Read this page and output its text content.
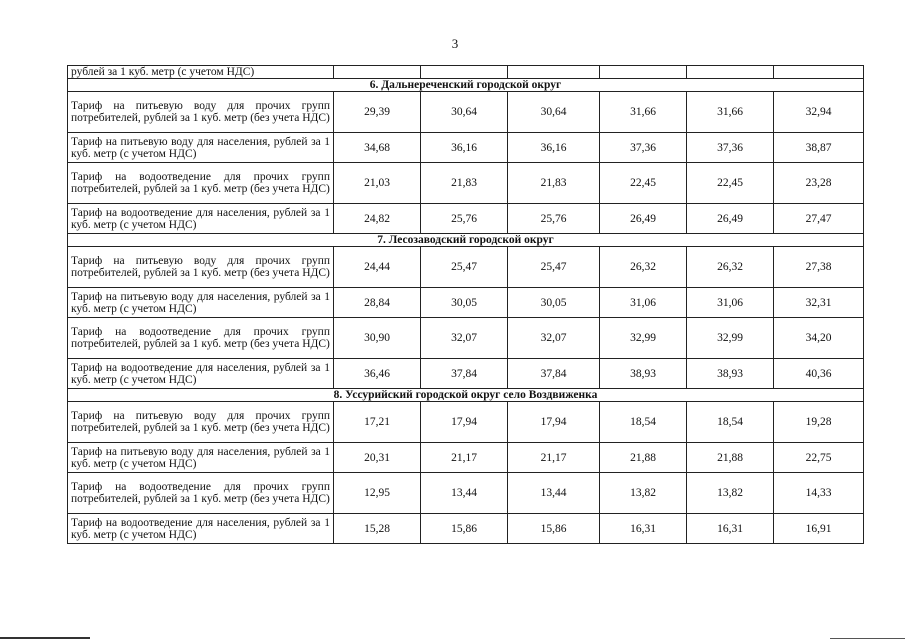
3
рублей за 1 куб. метр (с учетом НДС)						
6. Дальнереченский городской округ						
Тариф на питьевую воду для прочих групп потребителей, рублей за 1 куб. метр (без учета НДС)	29,39	30,64	30,64	31,66	31,66	32,94
Тариф на питьевую воду для населения, рублей за 1 куб. метр (с учетом НДС)	34,68	36,16	36,16	37,36	37,36	38,87
Тариф на водоотведение для прочих групп потребителей, рублей за 1 куб. метр (без учета НДС)	21,03	21,83	21,83	22,45	22,45	23,28
Тариф на водоотведение для населения, рублей за 1 куб. метр (с учетом НДС)	24,82	25,76	25,76	26,49	26,49	27,47
7. Лесозаводский городской округ						
Тариф на питьевую воду для прочих групп потребителей, рублей за 1 куб. метр (без учета НДС)	24,44	25,47	25,47	26,32	26,32	27,38
Тариф на питьевую воду для населения, рублей за 1 куб. метр (с учетом НДС)	28,84	30,05	30,05	31,06	31,06	32,31
Тариф на водоотведение для прочих групп потребителей, рублей за 1 куб. метр (без учета НДС)	30,90	32,07	32,07	32,99	32,99	34,20
Тариф на водоотведение для населения, рублей за 1 куб. метр (с учетом НДС)	36,46	37,84	37,84	38,93	38,93	40,36
8. Уссурийский городской округ село Воздвиженка						
Тариф на питьевую воду для прочих групп потребителей, рублей за 1 куб. метр (без учета НДС)	17,21	17,94	17,94	18,54	18,54	19,28
Тариф на питьевую воду для населения, рублей за 1 куб. метр (с учетом НДС)	20,31	21,17	21,17	21,88	21,88	22,75
Тариф на водоотведение для прочих групп потребителей, рублей за 1 куб. метр (без учета НДС)	12,95	13,44	13,44	13,82	13,82	14,33
Тариф на водоотведение для населения, рублей за 1 куб. метр (с учетом НДС)	15,28	15,86	15,86	16,31	16,31	16,91
